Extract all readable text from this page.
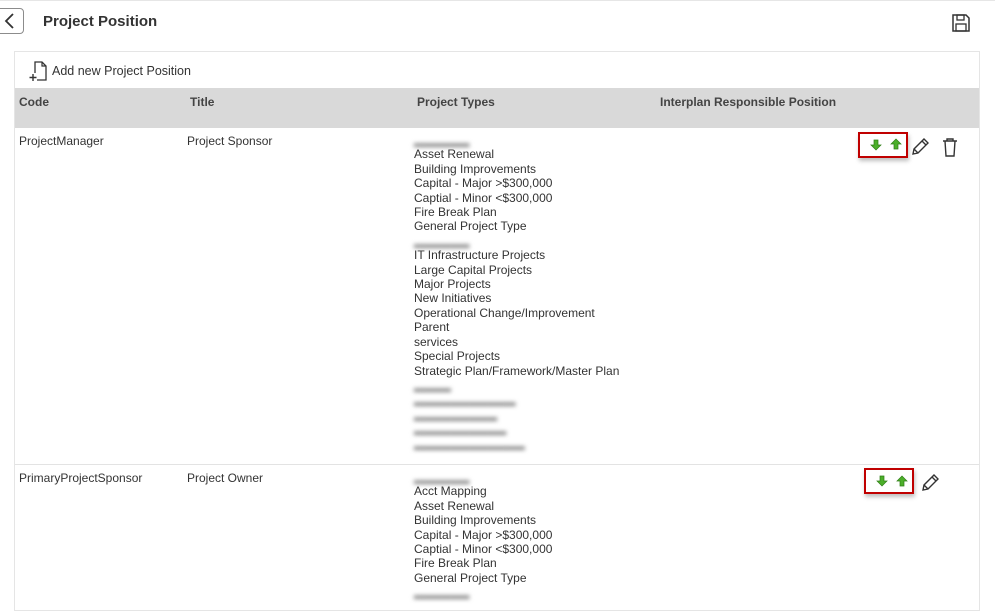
Project Position
Add new Project Position
Code	Title	Project Types	Interplan Responsible Position
ProjectManager	Project Sponsor	▂▂▂▂▂▂
Asset Renewal
Building Improvements
Capital - Major >$300,000
Captial - Minor <$300,000
Fire Break Plan
General Project Type
▂▂▂▂▂▂
IT Infrastructure Projects
Large Capital Projects
Major Projects
New Initiatives
Operational Change/Improvement
Parent
services
Special Projects
Strategic Plan/Framework/Master Plan
▂▂▂▂
▂▂▂▂▂▂▂▂▂▂▂
▂▂▂▂▂▂▂▂▂
▂▂▂▂▂▂▂▂▂▂
▂▂▂▂▂▂▂▂▂▂▂▂
PrimaryProjectSponsor	Project Owner	▂▂▂▂▂▂
Acct Mapping
Asset Renewal
Building Improvements
Capital - Major >$300,000
Captial - Minor <$300,000
Fire Break Plan
General Project Type
▂▂▂▂▂▂
